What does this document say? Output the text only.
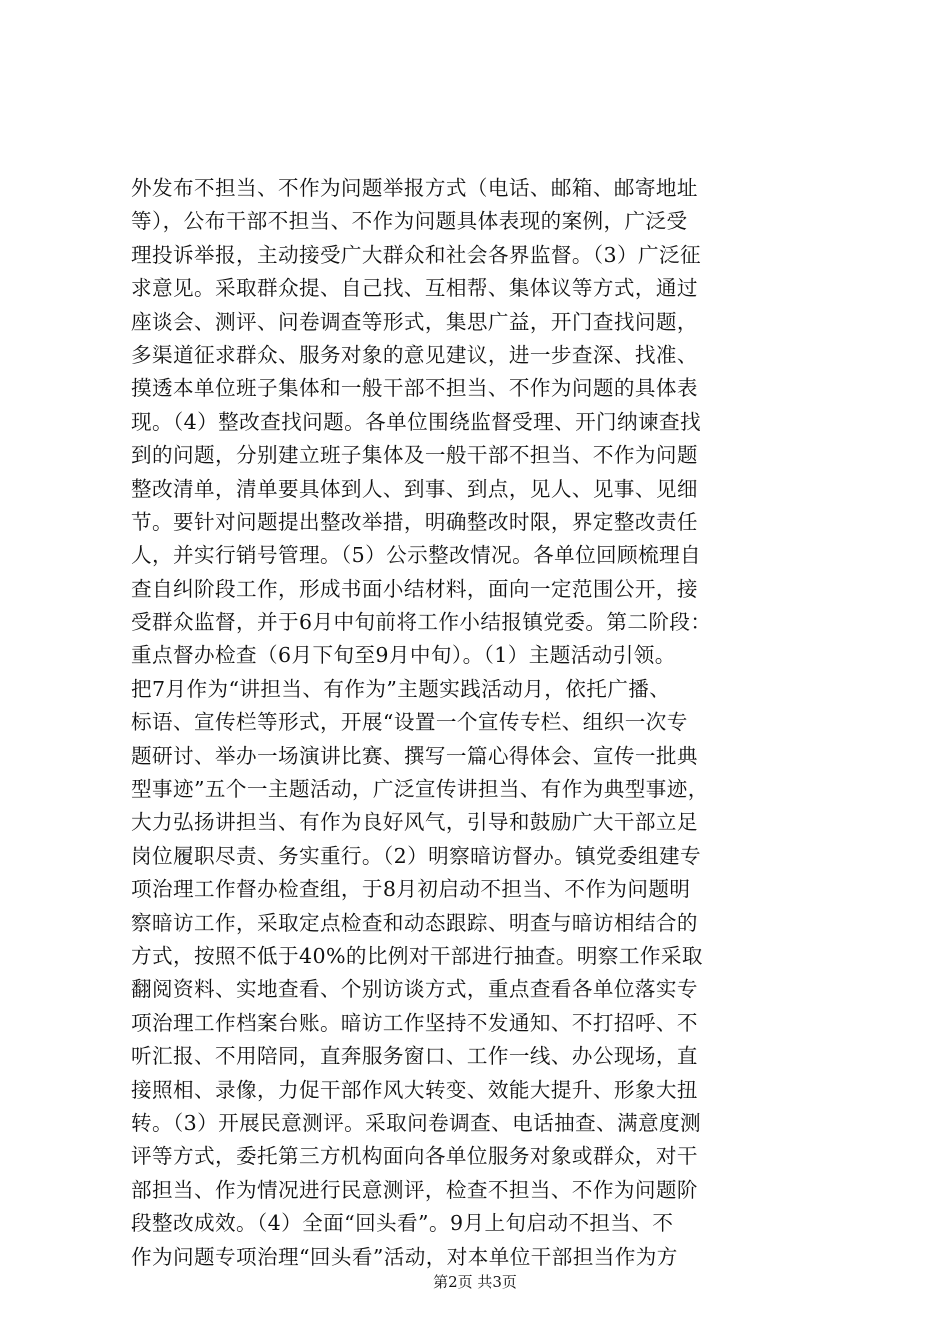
外发布不担当、不作为问题举报方式（电话、邮箱、邮寄地址
等），公布干部不担当、不作为问题具体表现的案例，广泛受
理投诉举报，主动接受广大群众和社会各界监督。（3）广泛征
求意见。采取群众提、自己找、互相帮、集体议等方式，通过
座谈会、测评、问卷调查等形式，集思广益，开门查找问题，
多渠道征求群众、服务对象的意见建议，进一步查深、找准、
摸透本单位班子集体和一般干部不担当、不作为问题的具体表
现。（4）整改查找问题。各单位围绕监督受理、开门纳谏查找
到的问题，分别建立班子集体及一般干部不担当、不作为问题
整改清单，清单要具体到人、到事、到点，见人、见事、见细
节。要针对问题提出整改举措，明确整改时限，界定整改责任
人，并实行销号管理。（5）公示整改情况。各单位回顾梳理自
查自纠阶段工作，形成书面小结材料，面向一定范围公开，接
受群众监督，并于6月中旬前将工作小结报镇党委。第二阶段：
重点督办检查（6月下旬至9月中旬）。（1）主题活动引领。
把7月作为“讲担当、有作为”主题实践活动月，依托广播、
标语、宣传栏等形式，开展“设置一个宣传专栏、组织一次专
题研讨、举办一场演讲比赛、撰写一篇心得体会、宣传一批典
型事迹”五个一主题活动，广泛宣传讲担当、有作为典型事迹，
大力弘扬讲担当、有作为良好风气，引导和鼓励广大干部立足
岗位履职尽责、务实重行。（2）明察暗访督办。镇党委组建专
项治理工作督办检查组，于8月初启动不担当、不作为问题明
察暗访工作，采取定点检查和动态跟踪、明查与暗访相结合的
方式，按照不低于40%的比例对干部进行抽查。明察工作采取
翻阅资料、实地查看、个别访谈方式，重点查看各单位落实专
项治理工作档案台账。暗访工作坚持不发通知、不打招呼、不
听汇报、不用陪同，直奔服务窗口、工作一线、办公现场，直
接照相、录像，力促干部作风大转变、效能大提升、形象大扭
转。（3）开展民意测评。采取问卷调查、电话抽查、满意度测
评等方式，委托第三方机构面向各单位服务对象或群众，对干
部担当、作为情况进行民意测评，检查不担当、不作为问题阶
段整改成效。（4）全面“回头看”。9月上旬启动不担当、不
作为问题专项治理“回头看”活动，对本单位干部担当作为方
第2页 共3页
